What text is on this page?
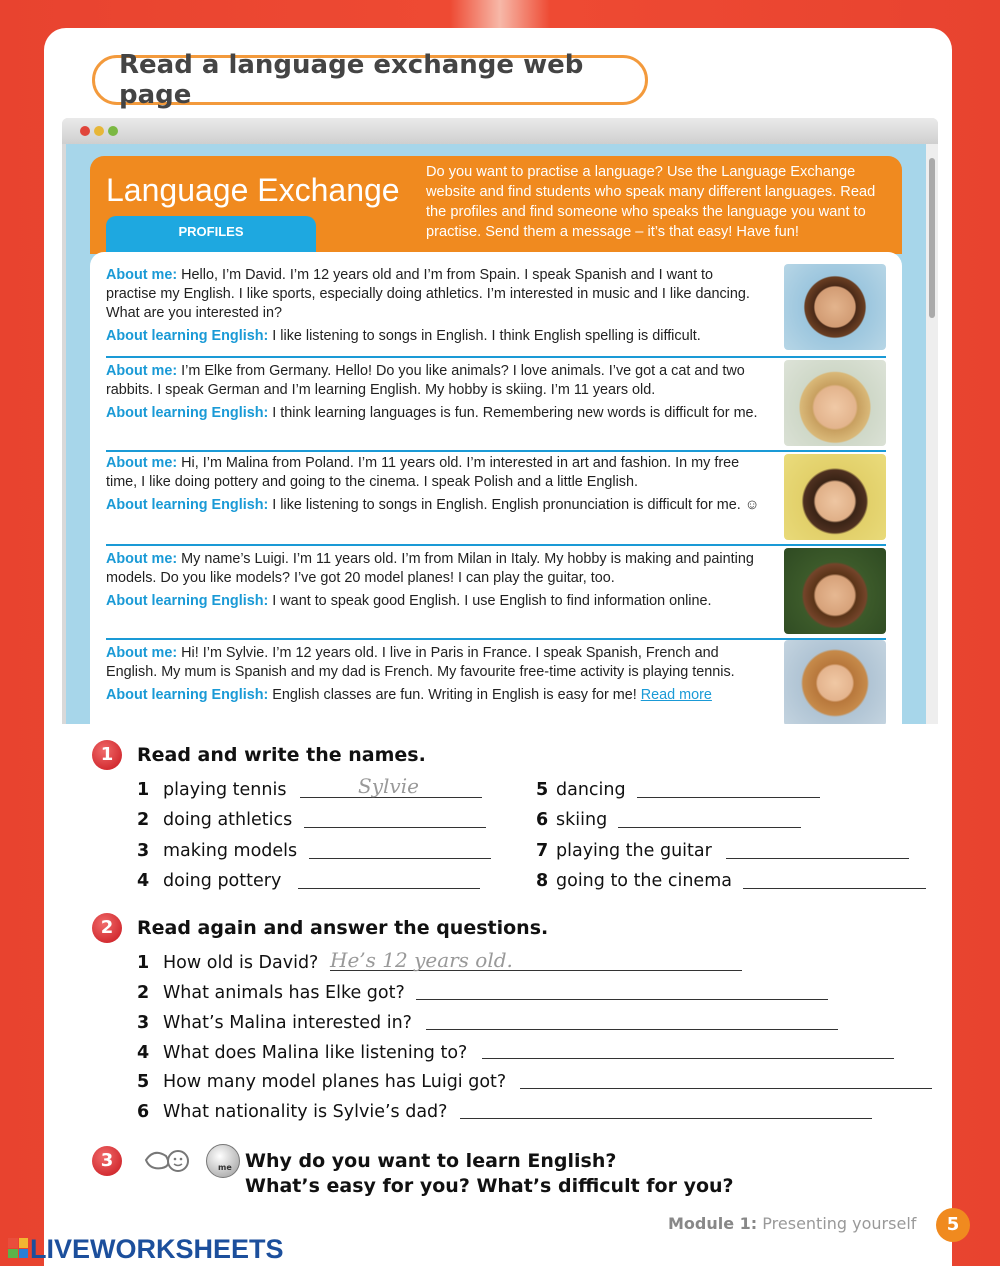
Read a language exchange web page
Language Exchange Do you want to practise a language? Use the Language Exchange website and find students who speak many different languages. Read the profiles and find someone who speaks the language you want to practise. Send them a message – it’s that easy! Have fun!
PROFILES

About me: Hello, I’m David. I’m 12 years old and I’m from Spain. I speak Spanish and I want to practise my English. I like sports, especially doing athletics. I’m interested in music and I like dancing. What are you interested in?

About learning English: I like listening to songs in English. I think English spelling is difficult.

About me: I’m Elke from Germany. Hello! Do you like animals? I love animals. I’ve got a cat and two rabbits. I speak German and I’m learning English. My hobby is skiing. I’m 11 years old.

About learning English: I think learning languages is fun. Remembering new words is difficult for me.

About me: Hi, I’m Malina from Poland. I’m 11 years old. I’m interested in art and fashion. In my free time, I like doing pottery and going to the cinema. I speak Polish and a little English.

About learning English: I like listening to songs in English. English pronunciation is difficult for me. ☺

About me: My name’s Luigi. I’m 11 years old. I’m from Milan in Italy. My hobby is making and painting models. Do you like models? I’ve got 20 model planes! I can play the guitar, too.

About learning English: I want to speak good English. I use English to find information online.

About me: Hi! I’m Sylvie. I’m 12 years old. I live in Paris in France. I speak Spanish, French and English. My mum is Spanish and my dad is French. My favourite free-time activity is playing tennis.

About learning English: English classes are fun. Writing in English is easy for me! Read more

1	Read and write the names.
1 playing tennis	Sylvie
2 doing athletics
3 making models
4 doing pottery
5 dancing
6 skiing
7 playing the guitar
8 going to the cinema
2	Read again and answer the questions.
1 How old is David? He’s 12 years old.
2 What animals has Elke got?
3 What’s Malina interested in?
4 What does Malina like listening to?
5 How many model planes has Luigi got?
6 What nationality is Sylvie’s dad?
3	me Why do you want to learn English?
What’s easy for you? What’s difficult for you?
Module 1: Presenting yourself	5
LIVEWORKSHEETS
